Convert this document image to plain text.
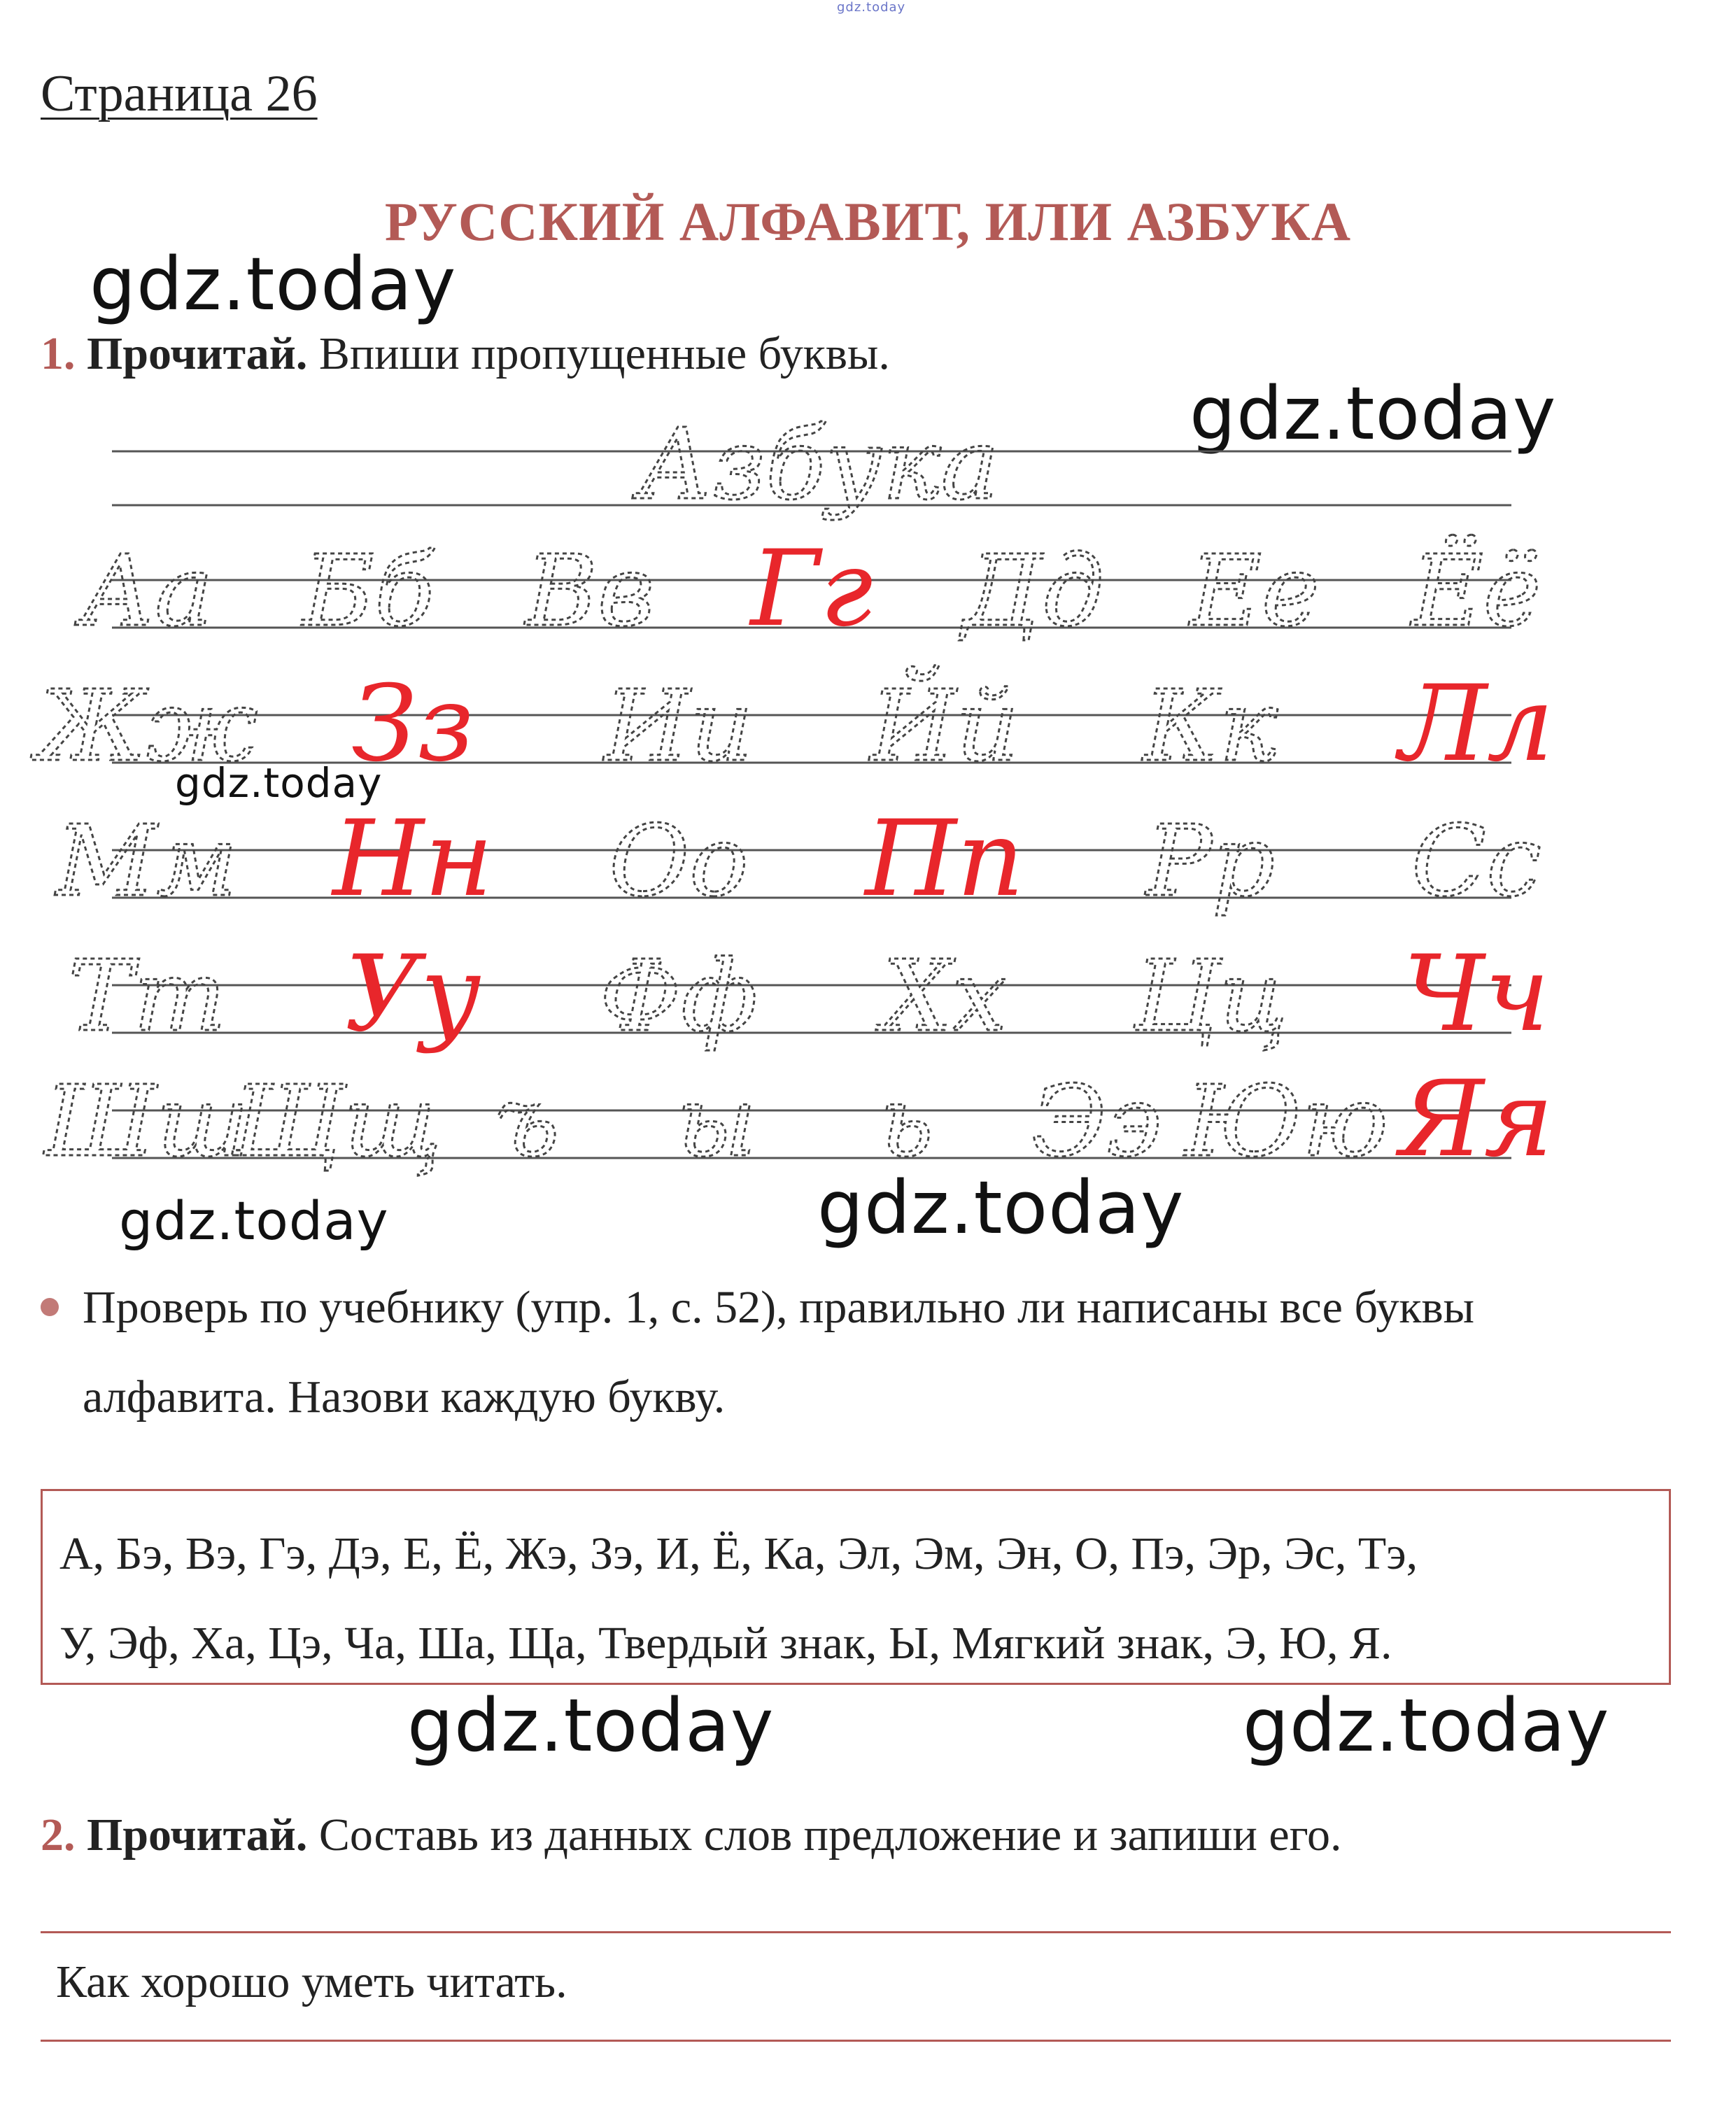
gdz.today
Страница 26
РУССКИЙ АЛФАВИТ, ИЛИ АЗБУКА
gdz.today
gdz.today
gdz.today
gdz.today	gdz.today
gdz.today	gdz.today
1. Прочитай. Впиши пропущенные буквы.
Азбука
Аа Бб Вв Гг Дд Ее Ёё
Жж Зз Ии Йй Кк Лл
Мм Нн Оо Пп Рр Сс
Тт Уу Фф Хх Цц Чч
Шш
Щщ ъ ы ь Ээ Юю Яя
Проверь по учебнику (упр. 1, с. 52), правильно ли написаны все буквы
алфавита. Назови каждую букву.
А, Бэ, Вэ, Гэ, Дэ, Е, Ё, Жэ, Зэ, И, Ё, Ка, Эл, Эм, Эн, О, Пэ, Эр, Эс, Тэ,
У, Эф, Ха, Цэ, Ча, Ша, Ща, Твердый знак, Ы, Мягкий знак, Э, Ю, Я.
2. Прочитай. Составь из данных слов предложение и запиши его.
Как хорошо уметь читать.
